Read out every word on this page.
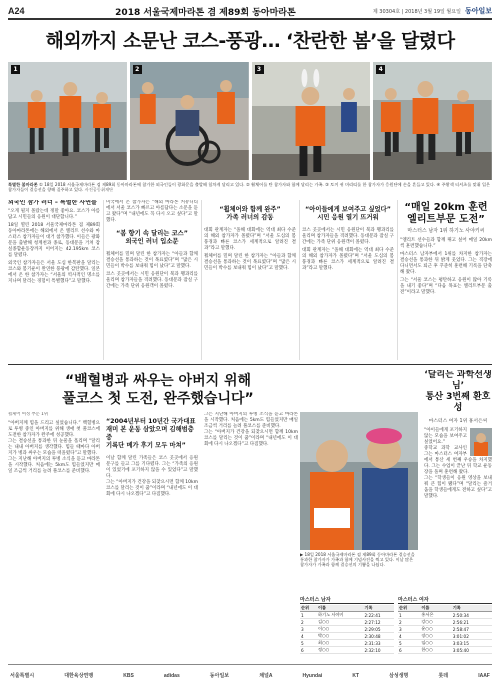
A24	2018 서울국제마라톤 겸 제89회 동아마라톤	제 30304호 | 2018년 3월 19일 월요일 동아일보
해외까지 소문난 코스-풍광… ‘찬란한 봄’을 달렸다
1	2	3	4
특별한 봄마라톤 ① 18일 2018 서울국제마라톤 겸 제89회 동아마라톤에 참가한 외국인들이 광화문을 출발해 힘차게 달리고 있다. ② 휠체어를 탄 참가자와 함께 달리는 가족. ③ 토끼 귀 머리띠를 한 참가자가 응원단에 손을 흔들고 있다. ④ 주황색 티셔츠를 맞춰 입은 참가자들이 결승선을 향해 질주하고 있다. 사진공동취재단
외국인 참가 러너 – 특별한 사연들

“오게 될지 몰랐는데 정말 좋아요. 코스가 아름답고 시민들의 응원이 대단합니다.”

18일 열린 2018 서울국제마라톤 겸 제89회 동아마라톤에는 해외에서 온 엘리트 선수와 마스터스 참가자들이 대거 참가했다. 이들은 광화문을 출발해 청계천과 종로, 동대문을 거쳐 잠실종합운동장까지 이어지는 42.195km 코스를 달렸다.

외국인 참가자들은 서울 도심 한복판을 달리는 코스와 봄기운이 완연한 풍광에 감탄했다. 일본에서 온 한 참가자는 “서울의 역사적인 명소를 지나며 달리는 경험이 특별했다”고 말했다.

미국에서 온 참가자는 “해외 마라톤 커뮤니티에서 서울 코스가 빠르고 아름답다는 소문을 듣고 왔다”며 “내년에도 꼭 다시 오고 싶다”고 말했다.

“봄 향기 속 달리는 코스”
외국인 러너 입소문

휠체어를 밀며 달린 한 참가자는 “아들과 함께 결승선을 통과하는 것이 목표였다”며 “많은 시민들이 박수를 보내줘 힘이 났다”고 말했다.

코스 곳곳에서는 시민 응원단이 북과 꽹과리를 울리며 참가자들을 격려했다. 동대문과 잠실 구간에는 가족 단위 응원객이 몰렸다.

“휠체어와 함께 완주”
가족 러너의 감동

대회 관계자는 “올해 대회에는 역대 최다 수준의 해외 참가자가 몰렸다”며 “서울 도심의 봄 풍경과 빠른 코스가 세계적으로 알려진 결과”라고 말했다.

휠체어를 밀며 달린 한 참가자는 “아들과 함께 결승선을 통과하는 것이 목표였다”며 “많은 시민들이 박수를 보내줘 힘이 났다”고 말했다.

“아이들에게 보여주고 싶었다”
시민 응원 열기 뜨거워

코스 곳곳에서는 시민 응원단이 북과 꽹과리를 울리며 참가자들을 격려했다. 동대문과 잠실 구간에는 가족 단위 응원객이 몰렸다.

대회 관계자는 “올해 대회에는 역대 최다 수준의 해외 참가자가 몰렸다”며 “서울 도심의 봄 풍경과 빠른 코스가 세계적으로 알려진 결과”라고 말했다.

“매일 20km 훈련
엘리트부문 도전”
마스터스 남자 1위 하기노 사야키씨

“엘리트 선수들과 함께 뛰고 싶어 매일 20km씩 훈련했습니다.”

마스터스 남자부에서 1위를 차지한 참가자는 결승선을 통과한 뒤 밝게 웃었다. 그는 직장에 다니면서도 퇴근 후 꾸준히 훈련해 기록을 단축해 왔다.

그는 “서울 코스는 평탄하고 응원이 많아 기록을 내기 좋다”며 “다음 목표는 엘리트부문 출전”이라고 말했다.

“백혈병과 싸우는 아버지 위해
풀코스 첫 도전, 완주했습니다”
휠체어 여성 부문 1위

“아버지께 힘을 드리고 싶었습니다.” 백혈병으로 투병 중인 아버지를 위해 생애 첫 풀코스에 도전한 참가자가 완주에 성공했다.

그는 결승선을 통과한 뒤 눈물을 흘리며 “달리는 내내 아버지를 생각했다. 힘들 때마다 아버지가 병과 싸우는 모습을 떠올렸다”고 말했다.

그는 지난해 아버지의 투병 소식을 듣고 마라톤을 시작했다. 처음에는 5km도 힘들었지만 매일 조금씩 거리를 늘려 풀코스를 준비했다.

“2004년부터 10년간 국가대표
재미 본 운동 삼았으며 김해범층 중
기록단 메가 후기 모두 마쳐”

이날 함께 달린 가족들은 코스 곳곳에서 응원 문구를 들고 그를 기다렸다. 그는 “가족의 응원이 있었기에 포기하지 않을 수 있었다”고 말했다.

그는 “아버지가 건강을 되찾으시면 함께 10km 코스를 달리는 것이 꿈”이라며 “내년에도 이 대회에 다시 나오겠다”고 다짐했다.

그는 지난해 아버지의 투병 소식을 듣고 마라톤을 시작했다. 처음에는 5km도 힘들었지만 매일 조금씩 거리를 늘려 풀코스를 준비했다.

그는 “아버지가 건강을 되찾으시면 함께 10km 코스를 달리는 것이 꿈”이라며 “내년에도 이 대회에 다시 나오겠다”고 다짐했다.

▶ 18일 2018 서울국제마라톤 겸 제89회 동아마라톤 결승선을 통과한 참가자가 가족과 함께 기념사진을 찍고 있다. 이날 많은 참가자가 가족과 함께 결승선의 기쁨을 나눴다.
‘달리는 과학선생님’
통산 3번째 환호성
마스터스 여자 1위 홍서은씨

“아이들에게 포기하지 않는 모습을 보여주고 싶었어요.”

중학교 과학 교사인 그는 마스터스 여자부에서 통산 세 번째 우승을 차지했다. 그는 수업이 끝난 뒤 학교 운동장을 돌며 훈련해 왔다.

그는 “학생들이 응원 영상을 보내줘 큰 힘이 됐다”며 “달리는 즐거움을 학생들에게도 전하고 싶다”고 말했다.

마스터스 남자
순위	이름	기록
1	하기노 사야키	2:22:41
2	김○○	2:27:12
3	이○○	2:29:05
4	박○○	2:30:48
5	최○○	2:31:33
6	정○○	2:32:10
마스터스 여자
순위	이름	기록
1	홍서은	2:50:34
2	강○○	2:56:21
3	윤○○	2:58:47
4	장○○	3:01:02
5	임○○	3:03:15
6	한○○	3:05:40
서울특별시	대한육상연맹	KBS	adidas	동아일보	채널A	Hyundai	KT	삼성생명	롯데	IAAF
